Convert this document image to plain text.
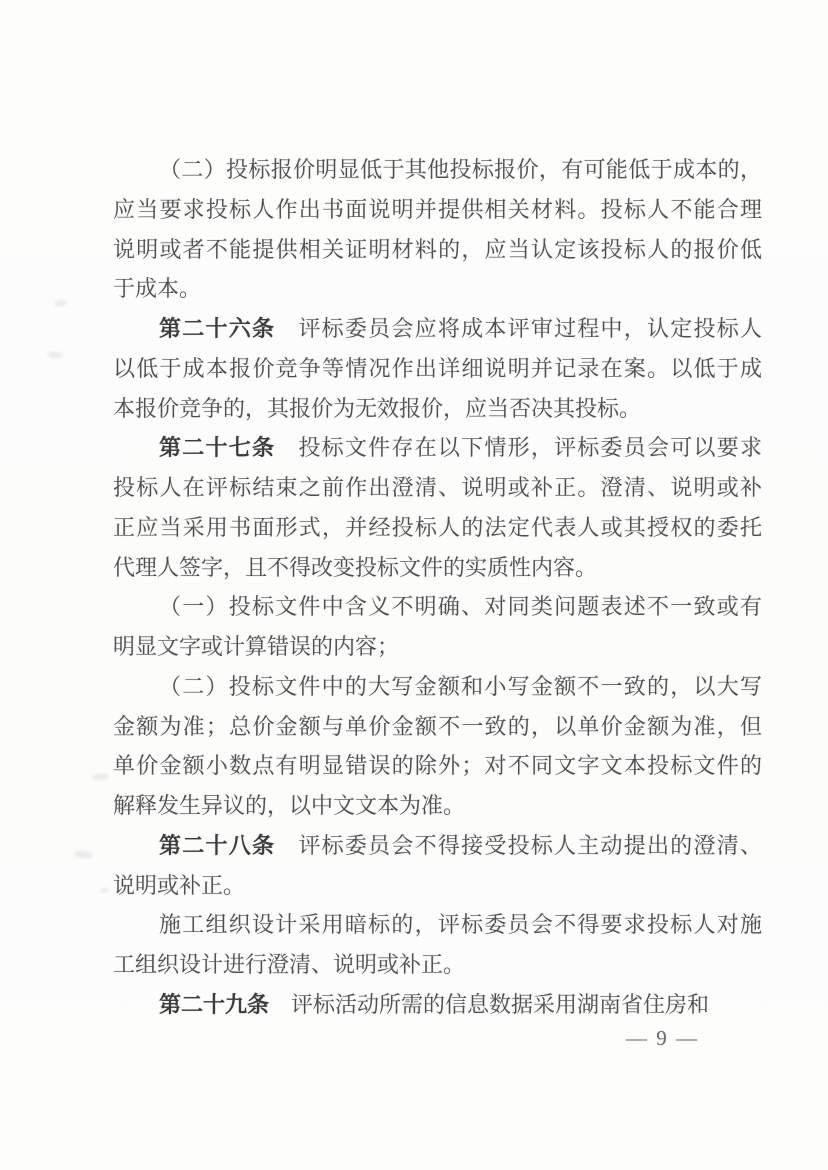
（二）投标报价明显低于其他投标报价，有可能低于成本的，
应当要求投标人作出书面说明并提供相关材料。投标人不能合理
说明或者不能提供相关证明材料的，应当认定该投标人的报价低
于成本。
第二十六条　评标委员会应将成本评审过程中，认定投标人
以低于成本报价竞争等情况作出详细说明并记录在案。以低于成
本报价竞争的，其报价为无效报价，应当否决其投标。
第二十七条　投标文件存在以下情形，评标委员会可以要求
投标人在评标结束之前作出澄清、说明或补正。澄清、说明或补
正应当采用书面形式，并经投标人的法定代表人或其授权的委托
代理人签字，且不得改变投标文件的实质性内容。
（一）投标文件中含义不明确、对同类问题表述不一致或有
明显文字或计算错误的内容；
（二）投标文件中的大写金额和小写金额不一致的，以大写
金额为准；总价金额与单价金额不一致的，以单价金额为准，但
单价金额小数点有明显错误的除外；对不同文字文本投标文件的
解释发生异议的，以中文文本为准。
第二十八条　评标委员会不得接受投标人主动提出的澄清、
说明或补正。
施工组织设计采用暗标的，评标委员会不得要求投标人对施
工组织设计进行澄清、说明或补正。
第二十九条　评标活动所需的信息数据采用湖南省住房和
— 9 —
